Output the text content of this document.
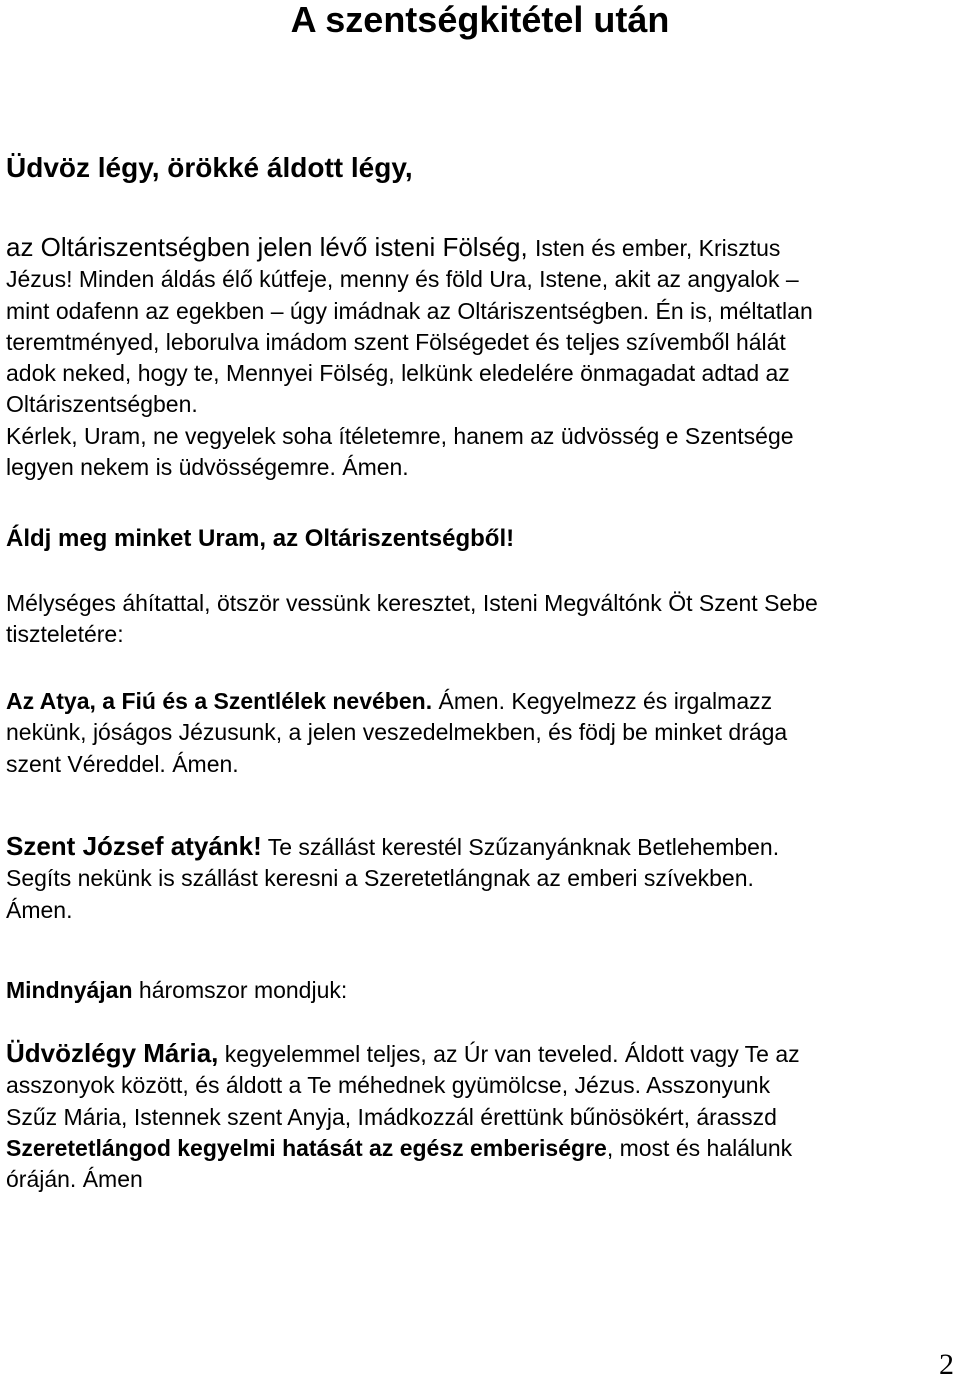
A szentségkitétel után
Üdvöz légy, örökké áldott légy,
az Oltáriszentségben jelen lévő isteni Fölség, Isten és ember, Krisztus
Jézus! Minden áldás élő kútfeje, menny és föld Ura, Istene, akit az angyalok –
mint odafenn az egekben – úgy imádnak az Oltáriszentségben. Én is, méltatlan
teremtményed, leborulva imádom szent Fölségedet és teljes szívemből hálát
adok neked, hogy te, Mennyei Fölség, lelkünk eledelére önmagadat adtad az
Oltáriszentségben.
Kérlek, Uram, ne vegyelek soha ítéletemre, hanem az üdvösség e Szentsége
legyen nekem is üdvösségemre. Ámen.
Áldj meg minket Uram, az Oltáriszentségből!
Mélységes áhítattal, ötször vessünk keresztet, Isteni Megváltónk Öt Szent Sebe
tiszteletére:
Az Atya, a Fiú és a Szentlélek nevében. Ámen. Kegyelmezz és irgalmazz
nekünk, jóságos Jézusunk, a jelen veszedelmekben, és födj be minket drága
szent Véreddel. Ámen.
Szent József atyánk! Te szállást kerestél Szűzanyánknak Betlehemben.
Segíts nekünk is szállást keresni a Szeretetlángnak az emberi szívekben.
Ámen.
Mindnyájan háromszor mondjuk:
Üdvözlégy Mária, kegyelemmel teljes, az Úr van teveled. Áldott vagy Te az
asszonyok között, és áldott a Te méhednek gyümölcse, Jézus. Asszonyunk
Szűz Mária, Istennek szent Anyja, Imádkozzál érettünk bűnösökért, árasszd
Szeretetlángod kegyelmi hatását az egész emberiségre, most és halálunk
óráján. Ámen
2
